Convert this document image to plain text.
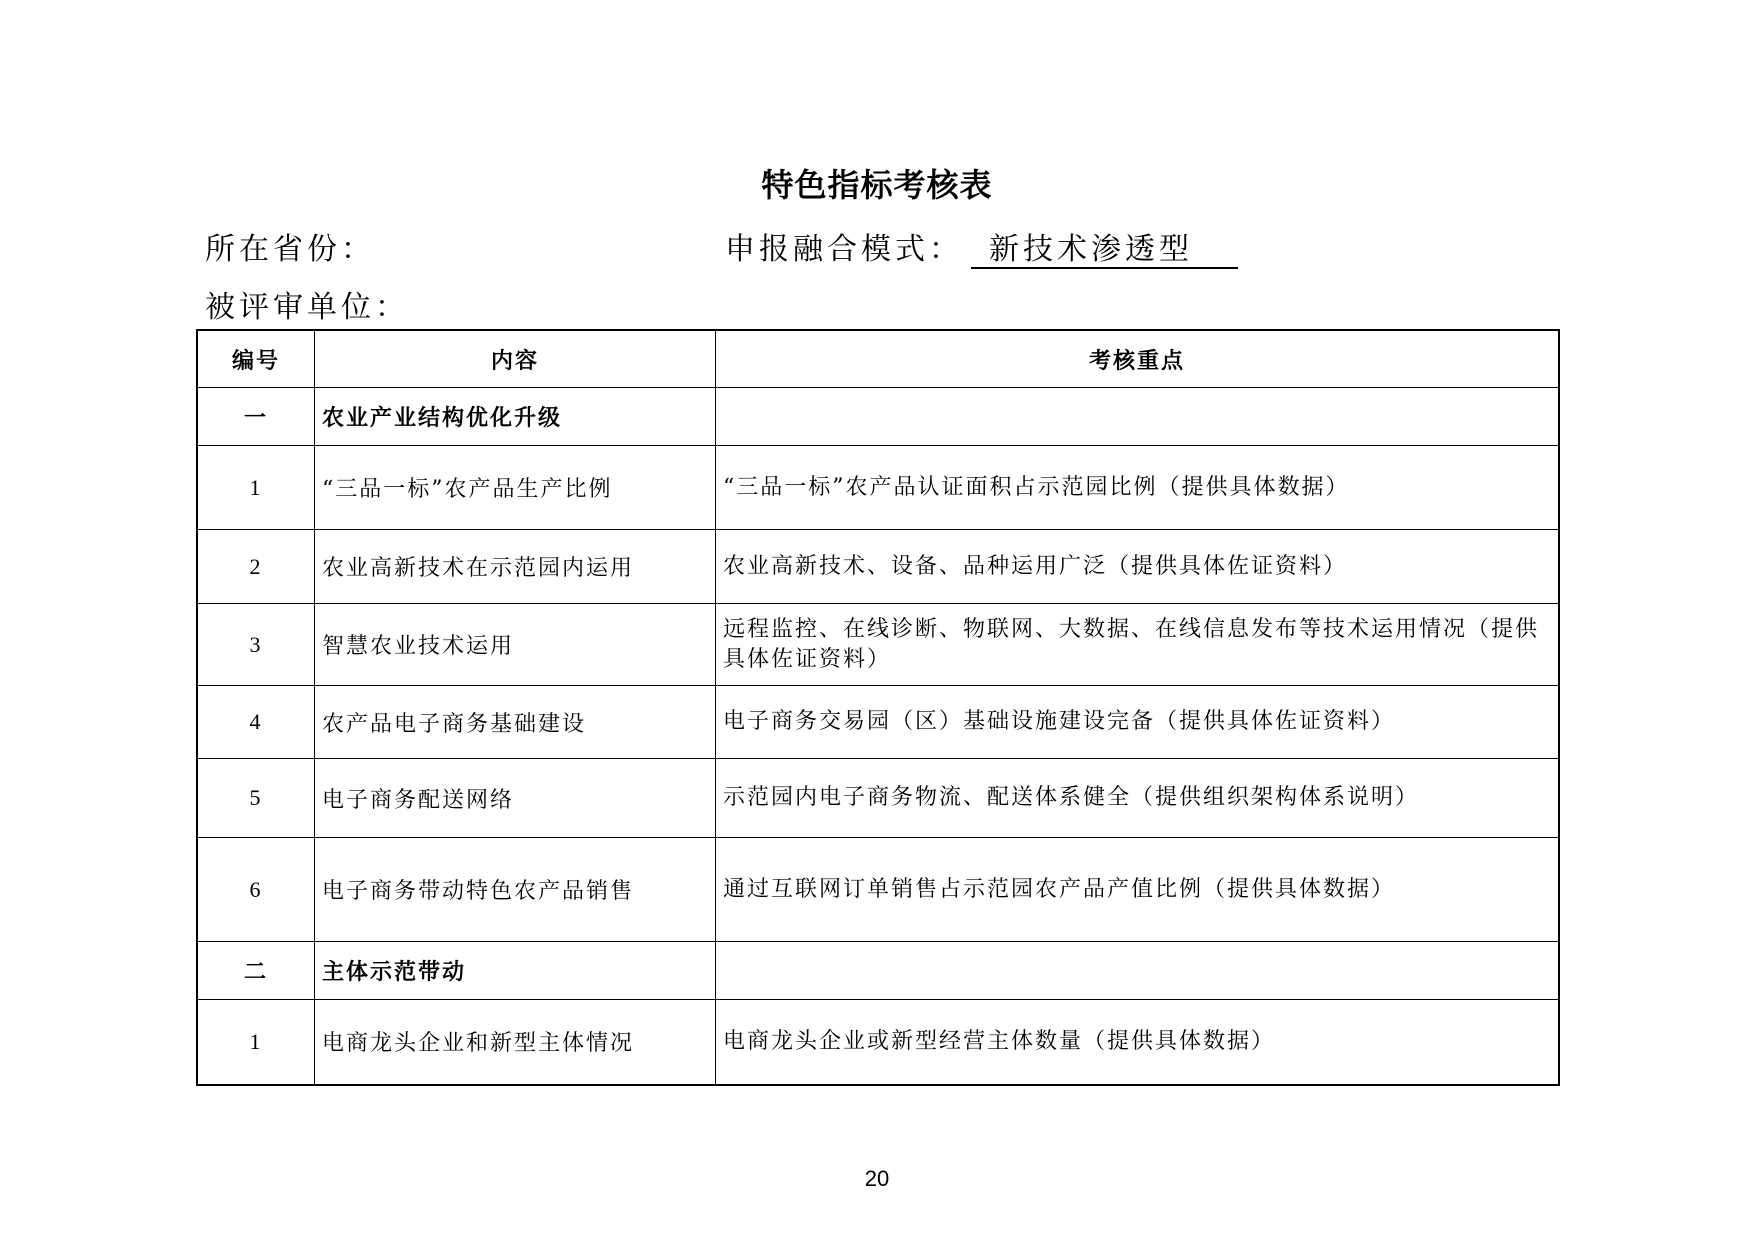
特色指标考核表
所在省份：	申报融合模式： 新技术渗透型
被评审单位：
编号	内容	考核重点
一	农业产业结构优化升级	
1	“三品一标”农产品生产比例	“三品一标”农产品认证面积占示范园比例（提供具体数据）
2	农业高新技术在示范园内运用	农业高新技术、设备、品种运用广泛（提供具体佐证资料）
3	智慧农业技术运用	远程监控、在线诊断、物联网、大数据、在线信息发布等技术运用情况（提供具体佐证资料）
4	农产品电子商务基础建设	电子商务交易园（区）基础设施建设完备（提供具体佐证资料）
5	电子商务配送网络	示范园内电子商务物流、配送体系健全（提供组织架构体系说明）
6	电子商务带动特色农产品销售	通过互联网订单销售占示范园农产品产值比例（提供具体数据）
二	主体示范带动	
1	电商龙头企业和新型主体情况	电商龙头企业或新型经营主体数量（提供具体数据）
20
